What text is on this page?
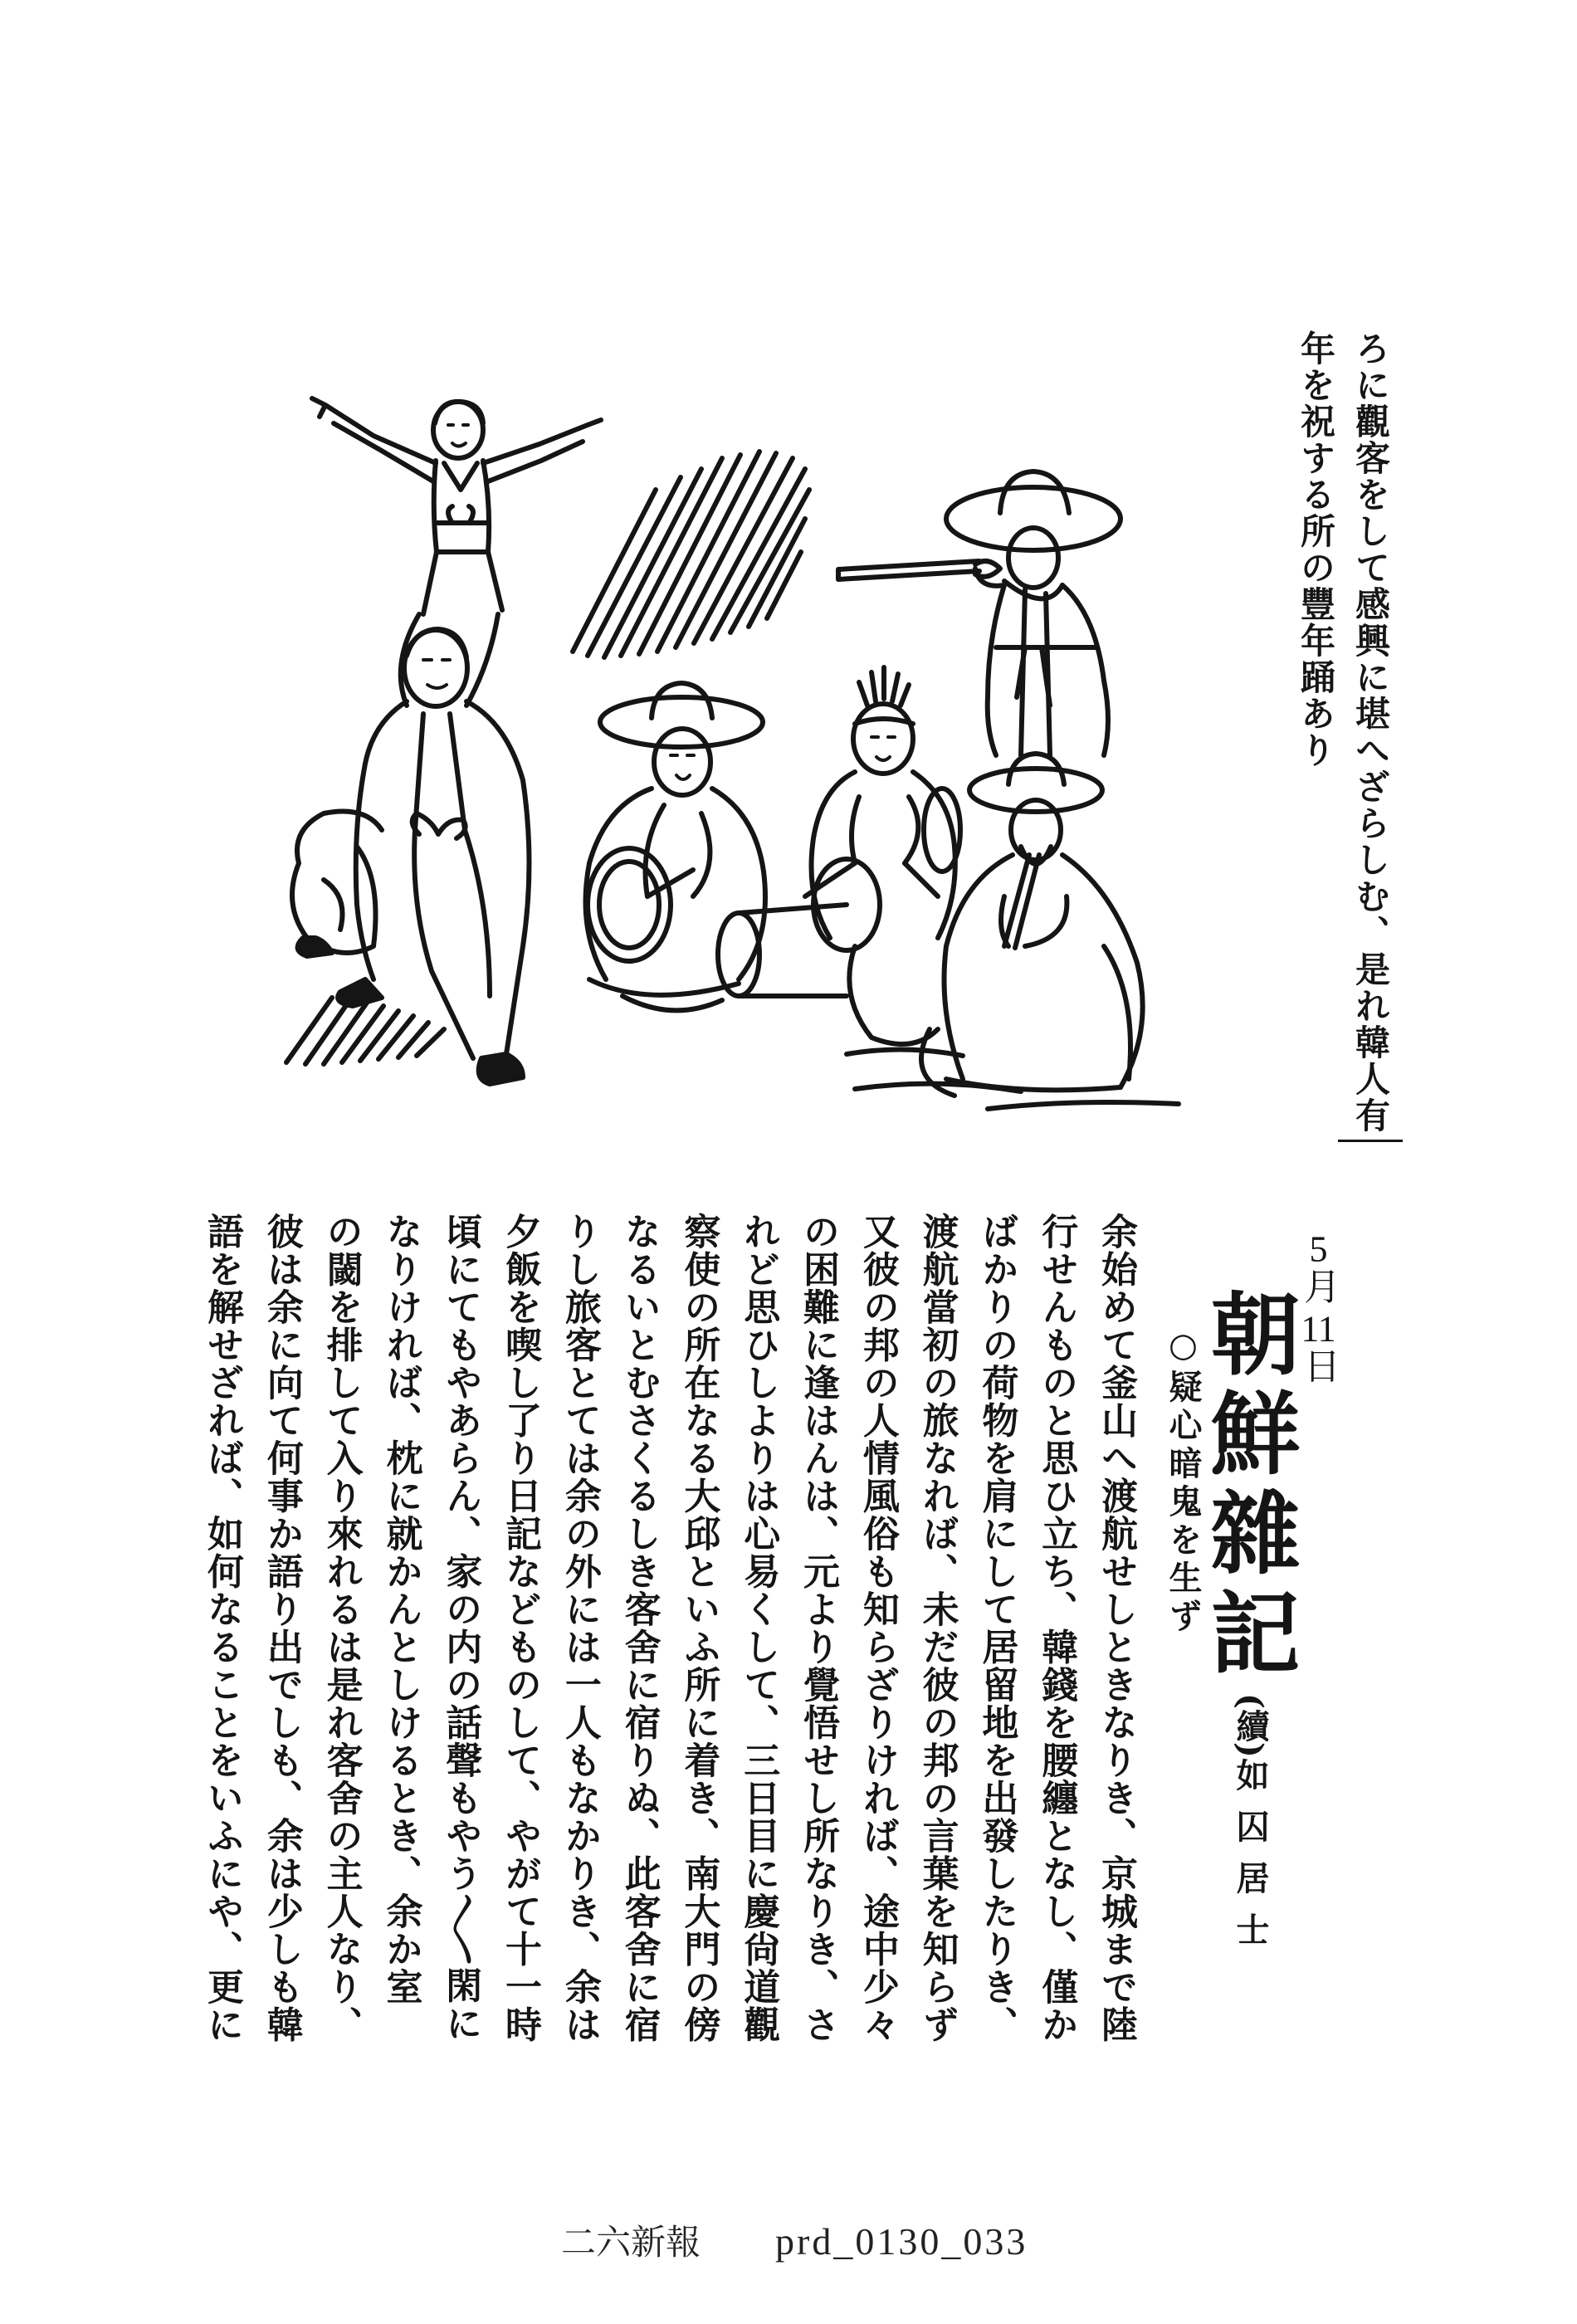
ろに觀客をして感興に堪へざらしむ、是れ韓人有
年を祝する所の豐年踊あり
5月11日
朝鮮雜記
(續)
如囚居士
○疑心暗鬼を生ず
余始めて釜山へ渡航せしときなりき、京城まで陸
行せんものと思ひ立ち、韓錢を腰纏となし、僅か
ばかりの荷物を肩にして居留地を出發したりき、
渡航當初の旅なれば、未だ彼の邦の言葉を知らず
又彼の邦の人情風俗も知らざりければ、途中少々
の困難に逢はんは、元より覺悟せし所なりき、さ
れど思ひしよりは心易くして、三日目に慶尙道觀
察使の所在なる大邱といふ所に着き、南大門の傍
なるいとむさくるしき客舍に宿りぬ、此客舍に宿
りし旅客とては余の外には一人もなかりき、余は
夕飯を喫し了り日記などものして、やがて十一時
頃にてもやあらん、家の内の話聲もやう〳〵閑に
なりければ、枕に就かんとしけるとき、余か室
の閾を排して入り來れるは是れ客舍の主人なり、
彼は余に向て何事か語り出でしも、余は少しも韓
語を解せざれば、如何なることをいふにや、更に
二六新報 prd_0130_033
